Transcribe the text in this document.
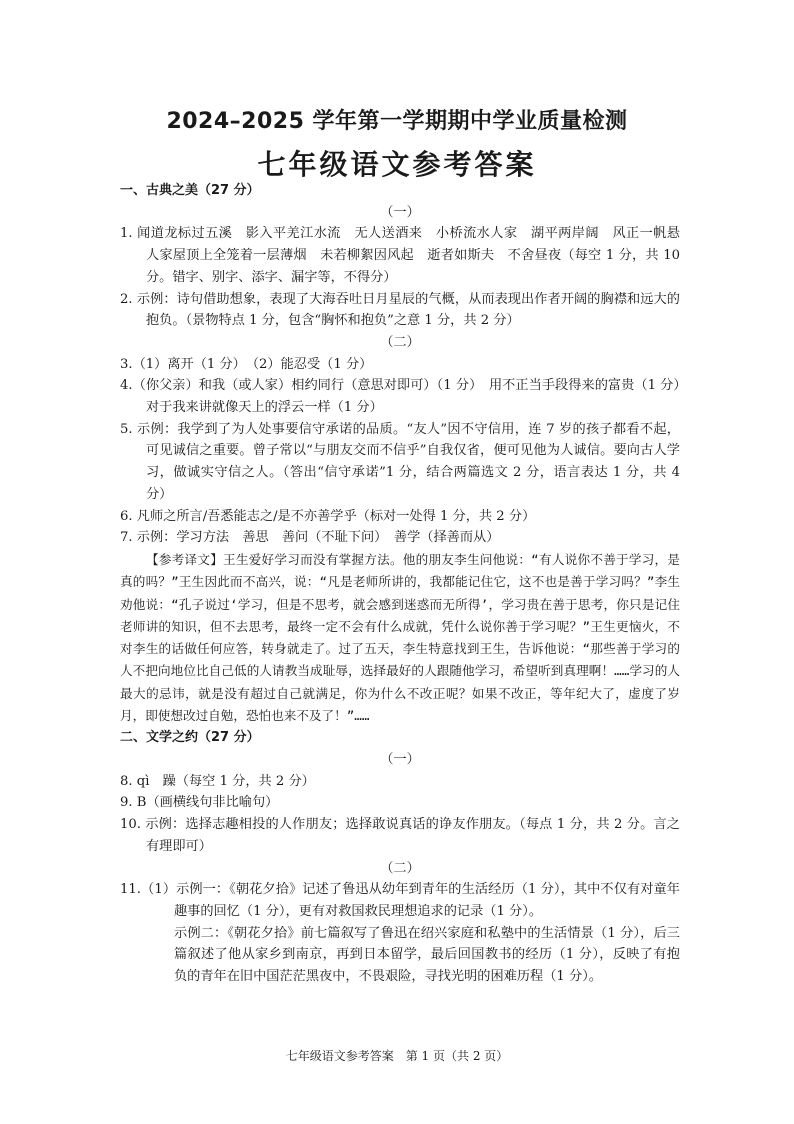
2024–2025 学年第一学期期中学业质量检测
七年级语文参考答案

一、古典之美（27 分）

（一）

1. 闻道龙标过五溪　影入平羌江水流　无人送酒来　小桥流水人家　湖平两岸阔　风正一帆悬　人家屋顶上全笼着一层薄烟　未若柳絮因风起　逝者如斯夫　不舍昼夜（每空 1 分，共 10 分。错字、别字、添字、漏字等，不得分）

2. 示例：诗句借助想象，表现了大海吞吐日月星辰的气概，从而表现出作者开阔的胸襟和远大的抱负。（景物特点 1 分，包含“胸怀和抱负”之意 1 分，共 2 分）

（二）

3.（1）离开（1 分）　（2）能忍受（1 分）

4.（你父亲）和我（或人家）相约同行（意思对即可）（1 分）　用不正当手段得来的富贵（1 分）　对于我来讲就像天上的浮云一样（1 分）

5. 示例：我学到了为人处事要信守承诺的品质。“友人”因不守信用，连 7 岁的孩子都看不起，可见诚信之重要。曾子常以“与朋友交而不信乎”自我仅省，便可见他为人诚信。要向古人学习，做诚实守信之人。（答出“信守承诺”1 分，结合两篇选文 2 分，语言表达 1 分，共 4 分）

6. 凡师之所言/吾悉能志之/是不亦善学乎（标对一处得 1 分，共 2 分）

7. 示例：学习方法　善思　善问（不耻下问）　善学（择善而从）

【参考译文】王生爱好学习而没有掌握方法。他的朋友李生问他说：“有人说你不善于学习，是真的吗？”王生因此而不高兴，说：“凡是老师所讲的，我都能记住它，这不也是善于学习吗？”李生劝他说：“孔子说过‘学习，但是不思考，就会感到迷惑而无所得’，学习贵在善于思考，你只是记住老师讲的知识，但不去思考，最终一定不会有什么成就，凭什么说你善于学习呢？”王生更恼火，不对李生的话做任何应答，转身就走了。过了五天，李生特意找到王生，告诉他说：“那些善于学习的人不把向地位比自己低的人请教当成耻辱，选择最好的人跟随他学习，希望听到真理啊！……学习的人最大的忌讳，就是没有超过自己就满足，你为什么不改正呢？如果不改正，等年纪大了，虚度了岁月，即使想改过自勉，恐怕也来不及了！”……

二、文学之约（27 分）

（一）

8. qì　躁（每空 1 分，共 2 分）

9. B（画横线句非比喻句）

10. 示例：选择志趣相投的人作朋友；选择敢说真话的诤友作朋友。（每点 1 分，共 2 分。言之有理即可）

（二）

11.（1）示例一：《朝花夕拾》记述了鲁迅从幼年到青年的生活经历（1 分），其中不仅有对童年趣事的回忆（1 分），更有对救国救民理想追求的记录（1 分）。

示例二：《朝花夕拾》前七篇叙写了鲁迅在绍兴家庭和私塾中的生活情景（1 分），后三篇叙述了他从家乡到南京，再到日本留学，最后回国教书的经历（1 分），反映了有抱负的青年在旧中国茫茫黑夜中，不畏艰险，寻找光明的困难历程（1 分）。

七年级语文参考答案　第 1 页（共 2 页）
